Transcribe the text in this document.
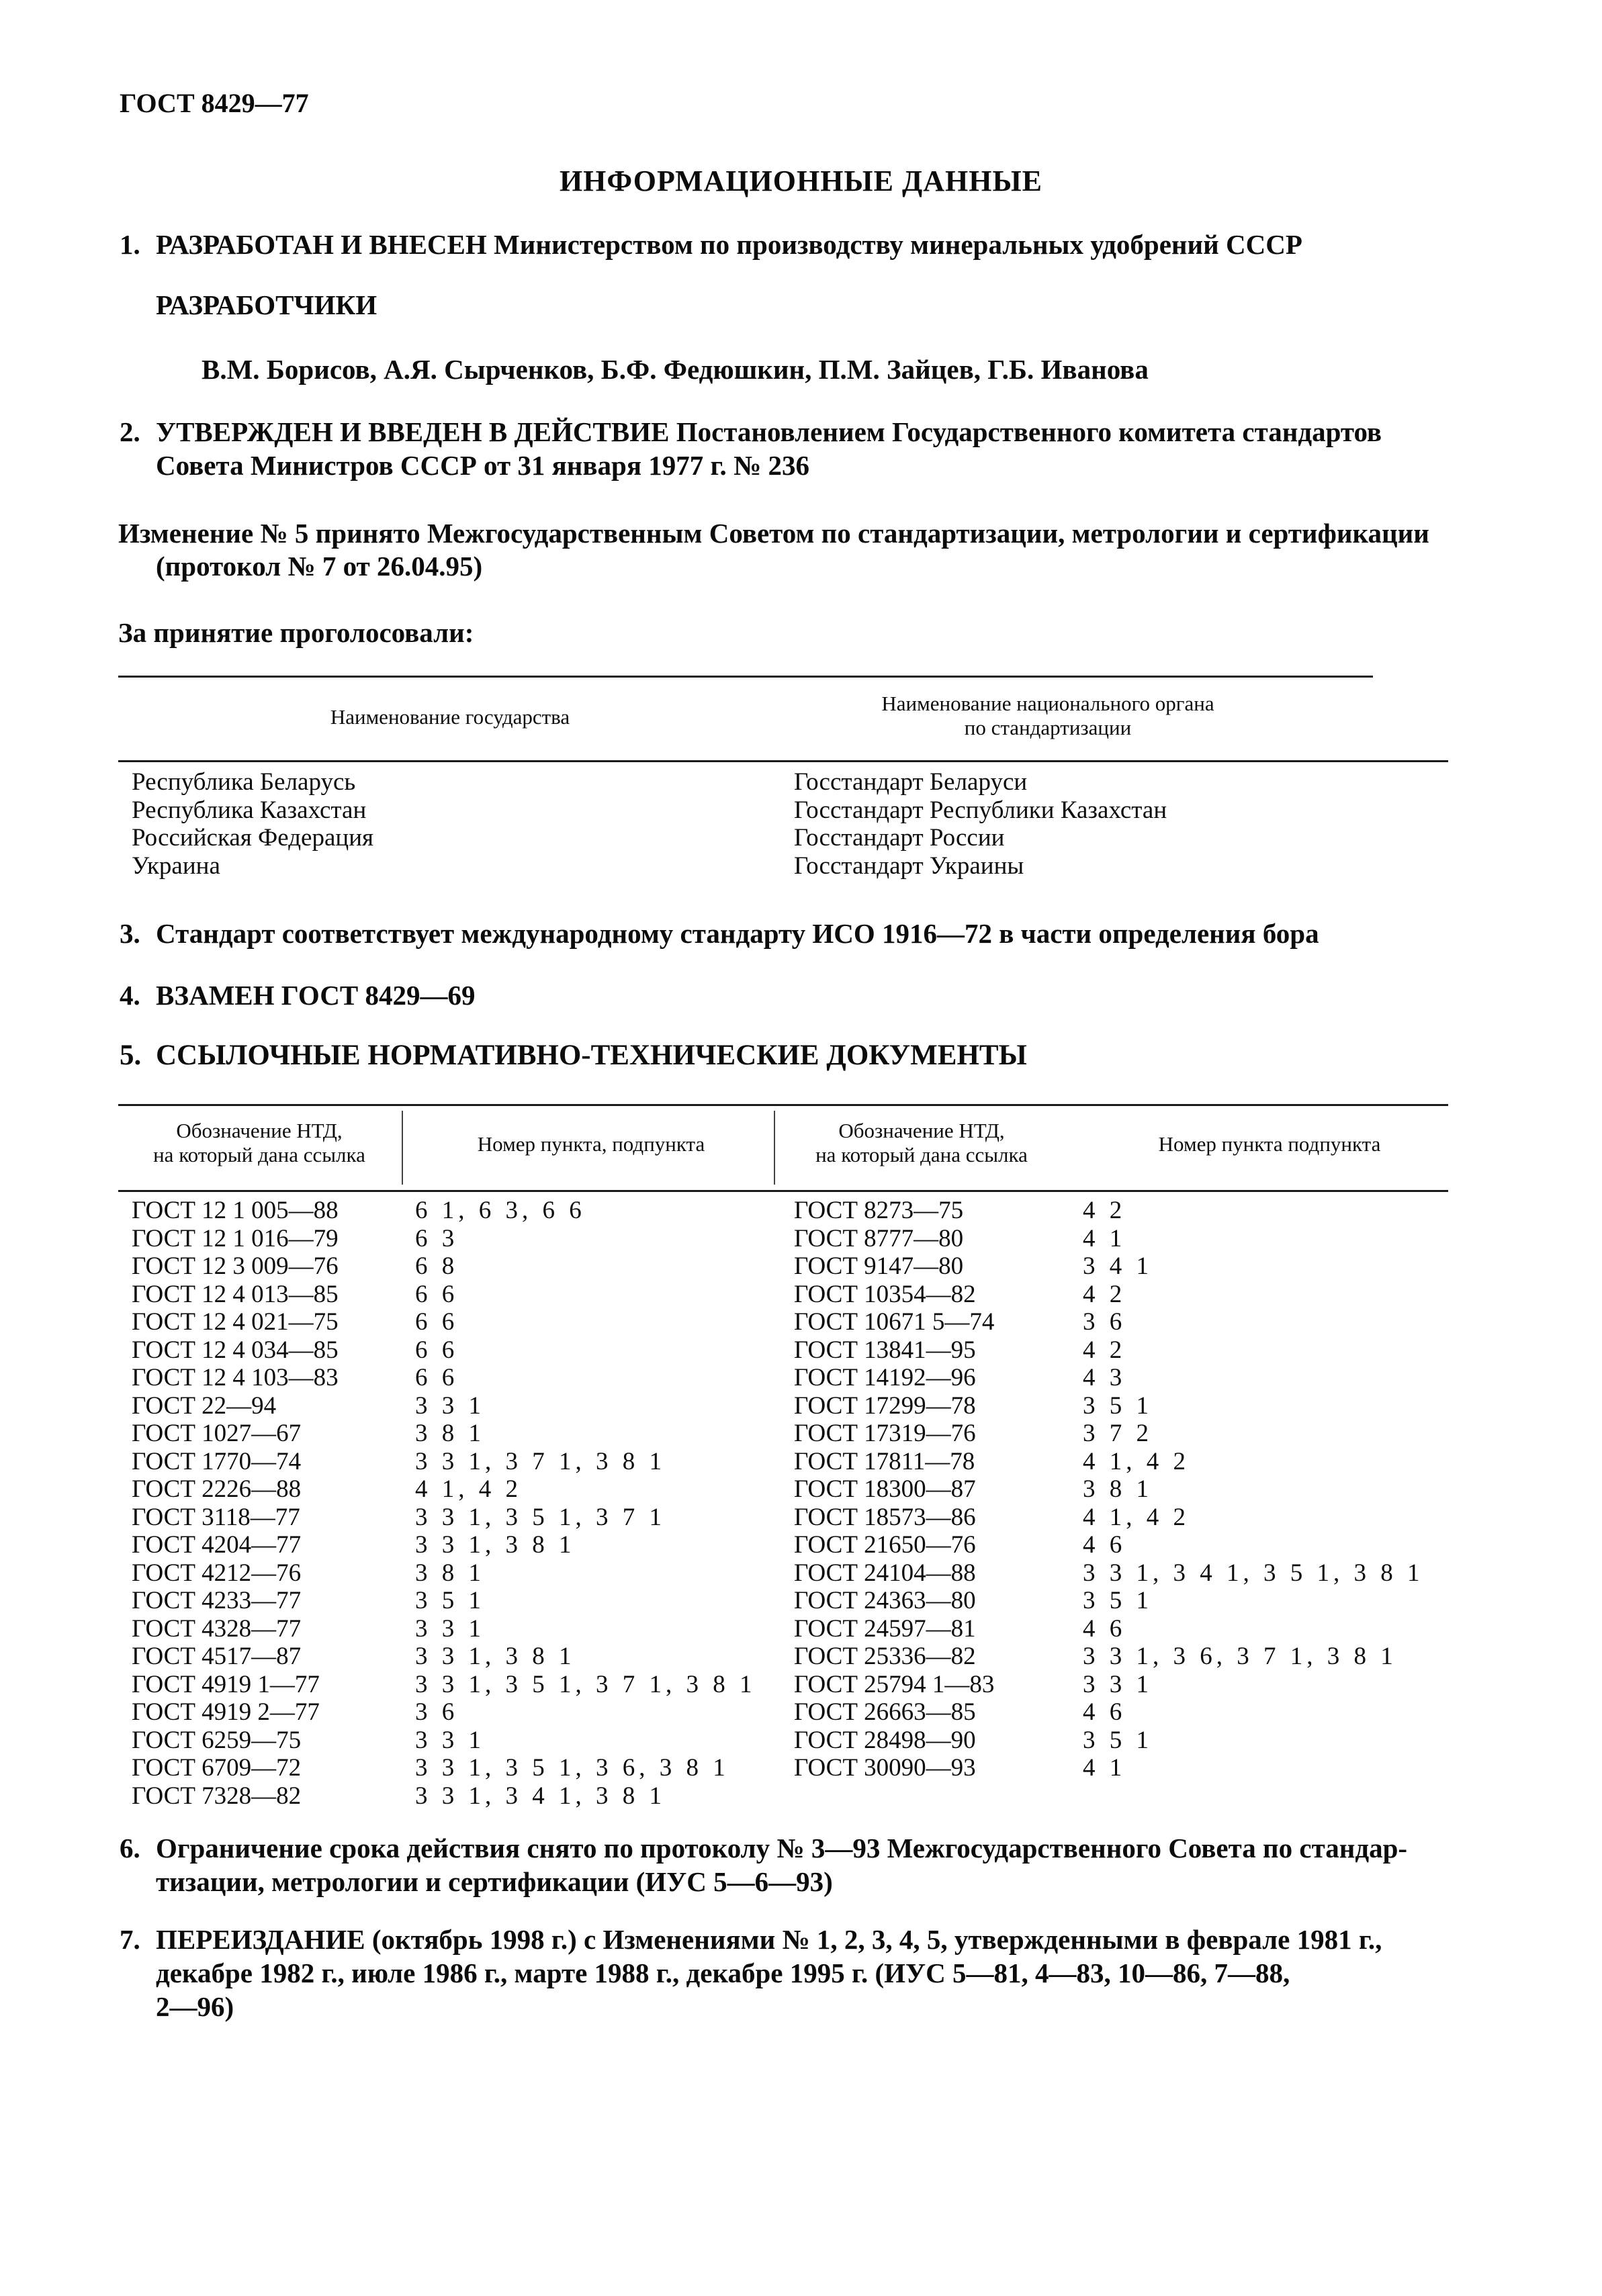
ГОСТ 8429—77
ИНФОРМАЦИОННЫЕ ДАННЫЕ
1. РАЗРАБОТАН И ВНЕСЕН Министерством по производству минеральных удобрений СССР
РАЗРАБОТЧИКИ
В.М. Борисов, А.Я. Сырченков, Б.Ф. Федюшкин, П.М. Зайцев, Г.Б. Иванова
2. УТВЕРЖДЕН И ВВЕДЕН В ДЕЙСТВИЕ Постановлением Государственного комитета стандартов
Совета Министров СССР от 31 января 1977 г. № 236
Изменение № 5 принято Межгосударственным Советом по стандартизации, метрологии и сертификации
(протокол № 7 от 26.04.95)
За принятие проголосовали:
Наименование государства
Наименование национального органа
по стандартизации
Республика Беларусь
Республика Казахстан
Российская Федерация
Украина
Госстандарт Беларуси
Госстандарт Республики Казахстан
Госстандарт России
Госстандарт Украины
3. Стандарт соответствует международному стандарту ИСО 1916—72 в части определения бора
4. ВЗАМЕН ГОСТ 8429—69
5. ССЫЛОЧНЫЕ НОРМАТИВНО-ТЕХНИЧЕСКИЕ ДОКУМЕНТЫ
Обозначение НТД,
на который дана ссылка	Номер пункта, подпункта
Обозначение НТД,
на который дана ссылка	Номер пункта подпункта
ГОСТ 12 1 005—88
ГОСТ 12 1 016—79
ГОСТ 12 3 009—76
ГОСТ 12 4 013—85
ГОСТ 12 4 021—75
ГОСТ 12 4 034—85
ГОСТ 12 4 103—83
ГОСТ 22—94
ГОСТ 1027—67
ГОСТ 1770—74
ГОСТ 2226—88
ГОСТ 3118—77
ГОСТ 4204—77
ГОСТ 4212—76
ГОСТ 4233—77
ГОСТ 4328—77
ГОСТ 4517—87
ГОСТ 4919 1—77
ГОСТ 4919 2—77
ГОСТ 6259—75
ГОСТ 6709—72
ГОСТ 7328—82
6 1, 6 3, 6 6
6 3
6 8
6 6
6 6
6 6
6 6
3 3 1
3 8 1
3 3 1, 3 7 1, 3 8 1
4 1, 4 2
3 3 1, 3 5 1, 3 7 1
3 3 1, 3 8 1
3 8 1
3 5 1
3 3 1
3 3 1, 3 8 1
3 3 1, 3 5 1, 3 7 1, 3 8 1
3 6
3 3 1
3 3 1, 3 5 1, 3 6, 3 8 1
3 3 1, 3 4 1, 3 8 1
ГОСТ 8273—75
ГОСТ 8777—80
ГОСТ 9147—80
ГОСТ 10354—82
ГОСТ 10671 5—74
ГОСТ 13841—95
ГОСТ 14192—96
ГОСТ 17299—78
ГОСТ 17319—76
ГОСТ 17811—78
ГОСТ 18300—87
ГОСТ 18573—86
ГОСТ 21650—76
ГОСТ 24104—88
ГОСТ 24363—80
ГОСТ 24597—81
ГОСТ 25336—82
ГОСТ 25794 1—83
ГОСТ 26663—85
ГОСТ 28498—90
ГОСТ 30090—93
4 2
4 1
3 4 1
4 2
3 6
4 2
4 3
3 5 1
3 7 2
4 1, 4 2
3 8 1
4 1, 4 2
4 6
3 3 1, 3 4 1, 3 5 1, 3 8 1
3 5 1
4 6
3 3 1, 3 6, 3 7 1, 3 8 1
3 3 1
4 6
3 5 1
4 1
6. Ограничение срока действия снято по протоколу № 3—93 Межгосударственного Совета по стандар-
тизации, метрологии и сертификации (ИУС 5—6—93)
7. ПЕРЕИЗДАНИЕ (октябрь 1998 г.) с Изменениями № 1, 2, 3, 4, 5, утвержденными в феврале 1981 г.,
декабре 1982 г., июле 1986 г., марте 1988 г., декабре 1995 г. (ИУС 5—81, 4—83, 10—86, 7—88,
2—96)
